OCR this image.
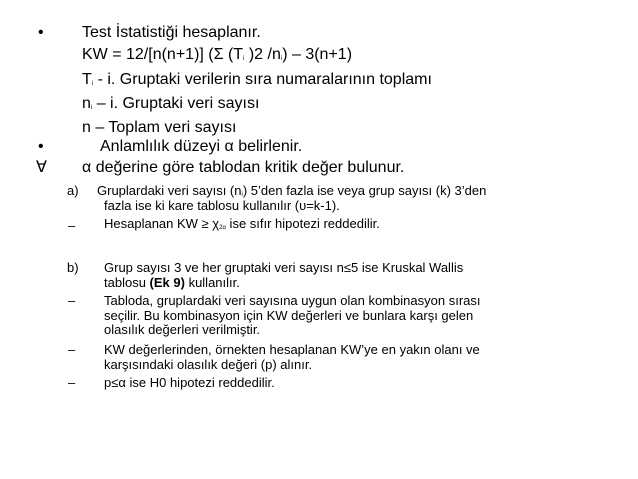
• Test İstatistiği hesaplanır.
KW = 12/[n(n+1)] (Σ ($T_i$ )2 $/n_i) - 3(n+1)$
$T_i$ - i. Gruptaki verilerin sıra numaralarının toplamı
$n_i$ – i. Gruptaki veri sayısı
n – Toplam veri sayısı
•	Anlamlılık düzeyi α belirlenir.
∀ α değerine göre tablodan kritik değer bulunur.
a) Gruplardaki veri sayısı $(n_i)$ 5’den fazla ise veya grup sayısı (k) 3’den
fazla ise ki kare tablosu kullanılır (υ=k-1).
– Hesaplanan KW ≥ $\chi^2_\alpha$ ise sıfır hipotezi reddedilir.
b) Grup sayısı 3 ve her gruptaki veri sayısı n≤5 ise Kruskal Wallis
tablosu (Ek 9) kullanılır.
– Tabloda, gruplardaki veri sayısına uygun olan kombinasyon sırası
seçilir. Bu kombinasyon için KW değerleri ve bunlara karşı gelen
olasılık değerleri verilmiştir.
– KW değerlerinden, örnekten hesaplanan KW’ye en yakın olanı ve
karşısındaki olasılık değeri (p) alınır.
– p≤α ise H0 hipotezi reddedilir.
